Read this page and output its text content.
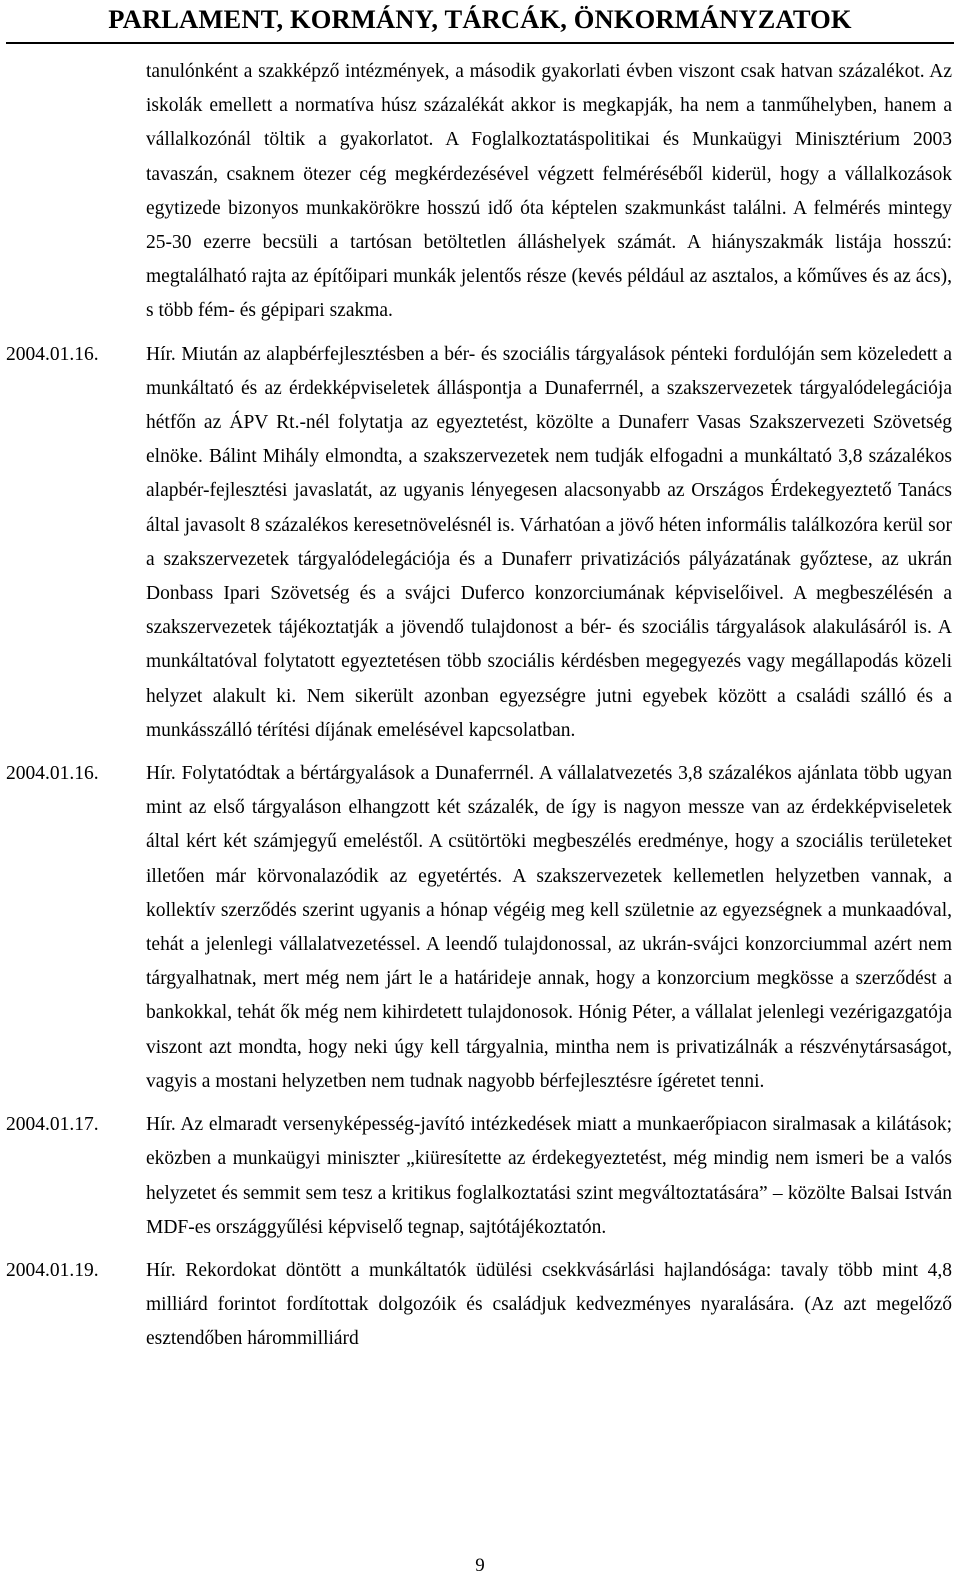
PARLAMENT, KORMÁNY, TÁRCÁK, ÖNKORMÁNYZATOK
tanulónként a szakképző intézmények, a második gyakorlati évben viszont csak hatvan százalékot. Az iskolák emellett a normatíva húsz százalékát akkor is megkapják, ha nem a tanműhelyben, hanem a vállalkozónál töltik a gyakorlatot. A Foglalkoztatáspolitikai és Munkaügyi Minisztérium 2003 tavaszán, csaknem ötezer cég megkérdezésével végzett felméréséből kiderül, hogy a vállalkozások egytizede bizonyos munkakörökre hosszú idő óta képtelen szakmunkást találni. A felmérés mintegy 25-30 ezerre becsüli a tartósan betöltetlen álláshelyek számát. A hiányszakmák listája hosszú: megtalálható rajta az építőipari munkák jelentős része (kevés például az asztalos, a kőműves és az ács), s több fém- és gépipari szakma.
2004.01.16. Hír. Miután az alapbérfejlesztésben a bér- és szociális tárgyalások pénteki fordulóján sem közeledett a munkáltató és az érdekképviseletek álláspontja a Dunaferrnél, a szakszervezetek tárgyalódelegációja hétfőn az ÁPV Rt.-nél folytatja az egyeztetést, közölte a Dunaferr Vasas Szakszervezeti Szövetség elnöke. Bálint Mihály elmondta, a szakszervezetek nem tudják elfogadni a munkáltató 3,8 százalékos alapbér-fejlesztési javaslatát, az ugyanis lényegesen alacsonyabb az Országos Érdekegyeztető Tanács által javasolt 8 százalékos keresetnövelésnél is. Várhatóan a jövő héten informális találkozóra kerül sor a szakszervezetek tárgyalódelegációja és a Dunaferr privatizációs pályázatának győztese, az ukrán Donbass Ipari Szövetség és a svájci Duferco konzorciumának képviselőivel. A megbeszélésén a szakszervezetek tájékoztatják a jövendő tulajdonost a bér- és szociális tárgyalások alakulásáról is. A munkáltatóval folytatott egyeztetésen több szociális kérdésben megegyezés vagy megállapodás közeli helyzet alakult ki. Nem sikerült azonban egyezségre jutni egyebek között a családi szálló és a munkásszálló térítési díjának emelésével kapcsolatban.
2004.01.16. Hír. Folytatódtak a bértárgyalások a Dunaferrnél. A vállalatvezetés 3,8 százalékos ajánlata több ugyan mint az első tárgyaláson elhangzott két százalék, de így is nagyon messze van az érdekképviseletek által kért két számjegyű emeléstől. A csütörtöki megbeszélés eredménye, hogy a szociális területeket illetően már körvonalazódik az egyetértés. A szakszervezetek kellemetlen helyzetben vannak, a kollektív szerződés szerint ugyanis a hónap végéig meg kell születnie az egyezségnek a munkaadóval, tehát a jelenlegi vállalatvezetéssel. A leendő tulajdonossal, az ukrán-svájci konzorciummal azért nem tárgyalhatnak, mert még nem járt le a határideje annak, hogy a konzorcium megkösse a szerződést a bankokkal, tehát ők még nem kihirdetett tulajdonosok. Hónig Péter, a vállalat jelenlegi vezérigazgatója viszont azt mondta, hogy neki úgy kell tárgyalnia, mintha nem is privatizálnák a részvénytársaságot, vagyis a mostani helyzetben nem tudnak nagyobb bérfejlesztésre ígéretet tenni.
2004.01.17. Hír. Az elmaradt versenyképesség-javító intézkedések miatt a munkaerőpiacon siralmasak a kilátások; eközben a munkaügyi miniszter „kiüresítette az érdekegyeztetést, még mindig nem ismeri be a valós helyzetet és semmit sem tesz a kritikus foglalkoztatási szint megváltoztatására” – közölte Balsai István MDF-es országgyűlési képviselő tegnap, sajtótájékoztatón.
2004.01.19. Hír. Rekordokat döntött a munkáltatók üdülési csekkvásárlási hajlandósága: tavaly több mint 4,8 milliárd forintot fordítottak dolgozóik és családjuk kedvezményes nyaralására. (Az azt megelőző esztendőben hárommilliárd
9
